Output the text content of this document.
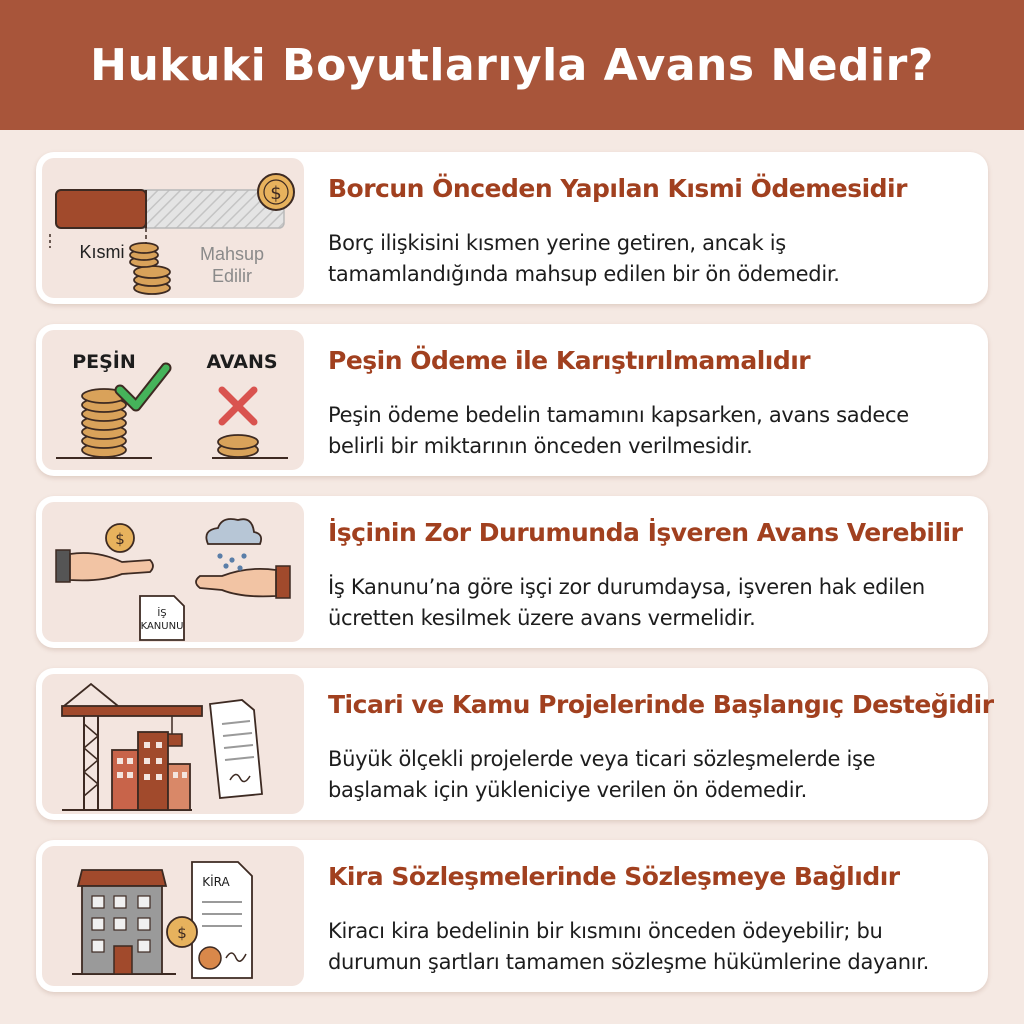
Hukuki Boyutlarıyla Avans Nedir?
$
Kısmi	Mahsup
Edilir
Borcun Önceden Yapılan Kısmi Ödemesidir
Borç ilişkisini kısmen yerine getiren, ancak iş tamamlandığında mahsup edilen bir ön ödemedir.
PEŞİN	AVANS Peşin Ödeme ile Karıştırılmamalıdır
Peşin ödeme bedelin tamamını kapsarken, avans sadece belirli bir miktarının önceden verilmesidir.
$
İŞ
KANUNU
İşçinin Zor Durumunda İşveren Avans Verebilir
İş Kanunu’na göre işçi zor durumdaysa, işveren hak edilen ücretten kesilmek üzere avans vermelidir.
Ticari ve Kamu Projelerinde Başlangıç Desteğidir
Büyük ölçekli projelerde veya ticari sözleşmelerde işe başlamak için yükleniciye verilen ön ödemedir.
KİRA
$
Kira Sözleşmelerinde Sözleşmeye Bağlıdır
Kiracı kira bedelinin bir kısmını önceden ödeyebilir; bu durumun şartları tamamen sözleşme hükümlerine dayanır.
